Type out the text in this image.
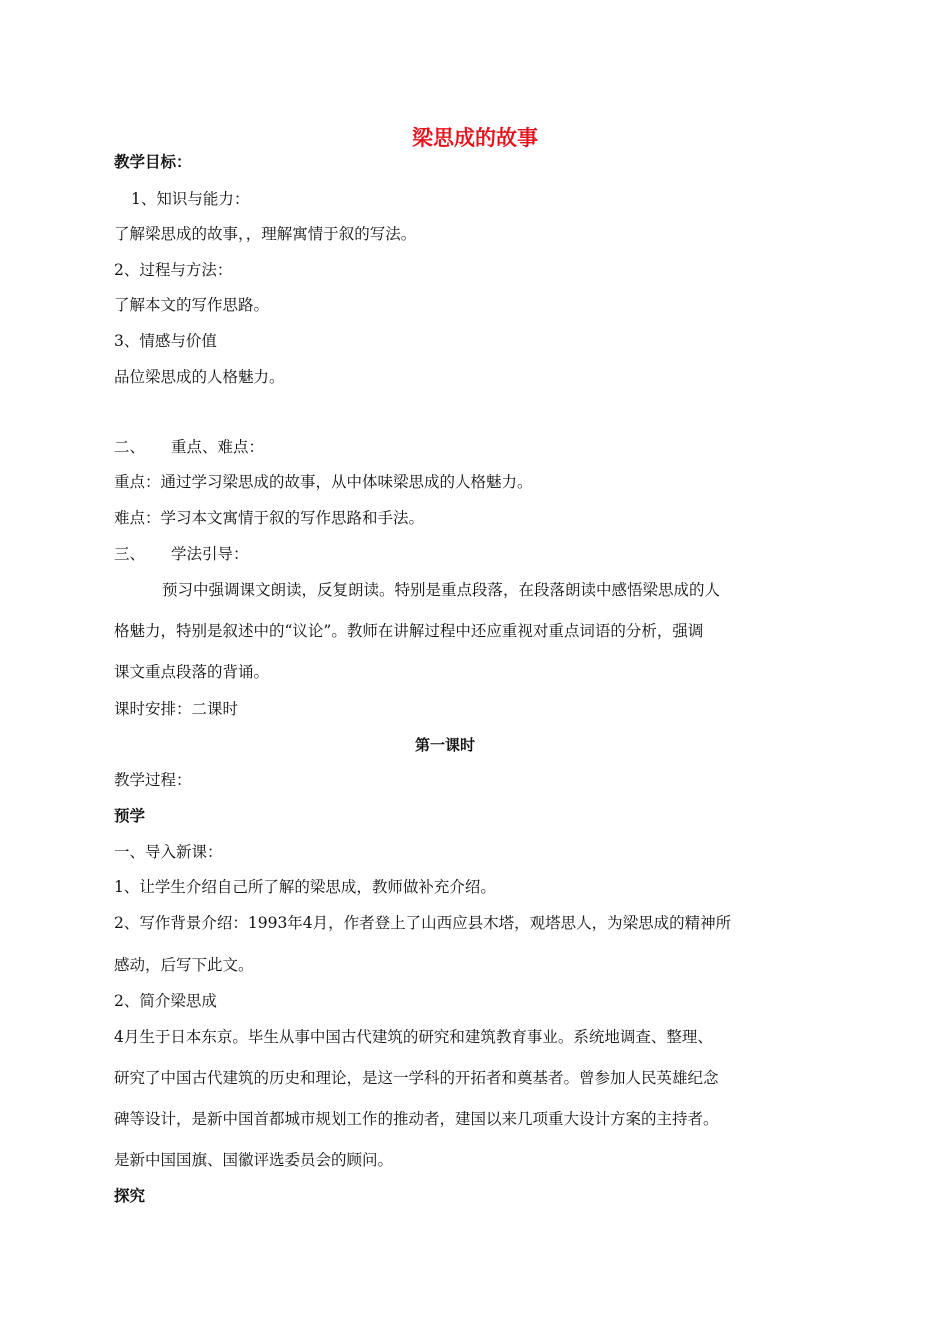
梁思成的故事
教学目标：
1、知识与能力：
了解梁思成的故事，，理解寓情于叙的写法。
2、过程与方法：
了解本文的写作思路。
3、情感与价值
品位梁思成的人格魅力。
二、 重点、难点：
重点：通过学习梁思成的故事，从中体味梁思成的人格魅力。
难点：学习本文寓情于叙的写作思路和手法。
三、 学法引导：
预习中强调课文朗读，反复朗读。特别是重点段落，在段落朗读中感悟梁思成的人
格魅力，特别是叙述中的“议论”。教师在讲解过程中还应重视对重点词语的分析，强调
课文重点段落的背诵。
课时安排：二课时
第一课时
教学过程：
预学
一、导入新课：
1、让学生介绍自己所了解的梁思成，教师做补充介绍。
2、写作背景介绍：1993年4月，作者登上了山西应县木塔，观塔思人，为梁思成的精神所
感动，后写下此文。
2、简介梁思成
4月生于日本东京。毕生从事中国古代建筑的研究和建筑教育事业。系统地调查、整理、
研究了中国古代建筑的历史和理论，是这一学科的开拓者和奠基者。曾参加人民英雄纪念
碑等设计，是新中国首都城市规划工作的推动者，建国以来几项重大设计方案的主持者。
是新中国国旗、国徽评选委员会的顾问。
探究
